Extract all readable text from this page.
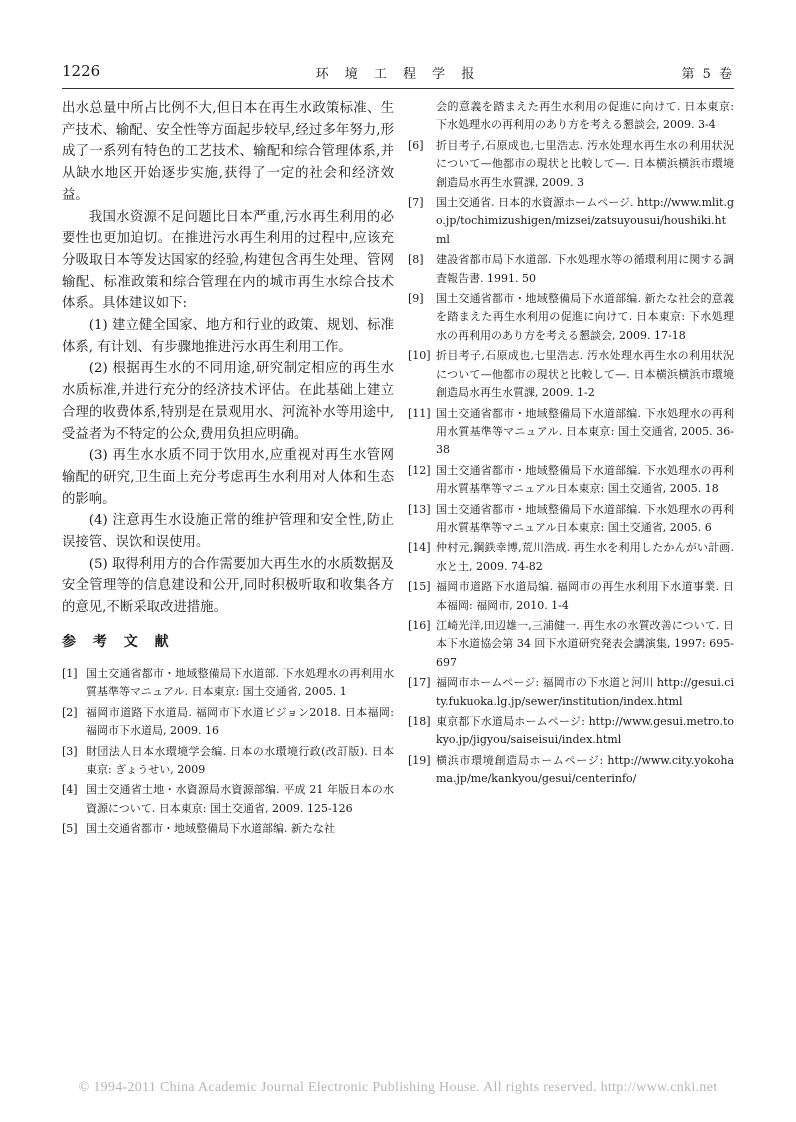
1226	环 境 工 程 学 报	第 5 卷

出水总量中所占比例不大,但日本在再生水政策标准、生产技术、输配、安全性等方面起步较早,经过多年努力,形成了一系列有特色的工艺技术、输配和综合管理体系,并从缺水地区开始逐步实施,获得了一定的社会和经济效益。

我国水资源不足问题比日本严重,污水再生利用的必要性也更加迫切。在推进污水再生利用的过程中,应该充分吸取日本等发达国家的经验,构建包含再生处理、管网输配、标准政策和综合管理在内的城市再生水综合技术体系。具体建议如下:

(1) 建立健全国家、地方和行业的政策、规划、标准体系, 有计划、有步骤地推进污水再生利用工作。

(2) 根据再生水的不同用途,研究制定相应的再生水水质标准,并进行充分的经济技术评估。在此基础上建立合理的收费体系,特别是在景观用水、河流补水等用途中,受益者为不特定的公众,费用负担应明确。

(3) 再生水水质不同于饮用水,应重视对再生水管网输配的研究,卫生面上充分考虑再生水利用对人体和生态的影响。

(4) 注意再生水设施正常的维护管理和安全性,防止误接管、误饮和误使用。

(5) 取得利用方的合作需要加大再生水的水质数据及安全管理等的信息建设和公开,同时积极听取和收集各方的意见,不断采取改进措施。

参 考 文 献
[1] 国土交通省都市・地域整備局下水道部. 下水処理水の再利用水質基準等マニュアル. 日本東京: 国土交通省, 2005. 1
[2] 福岡市道路下水道局. 福岡市下水道ビジョン2018. 日本福岡: 福岡市下水道局, 2009. 16
[3] 財団法人日本水環境学会编. 日本の水環境行政(改訂版). 日本東京: ぎょうせい, 2009
[4] 国土交通省土地・水資源局水資源部编. 平成 21 年版日本の水資源について. 日本東京: 国土交通省, 2009. 125-126
[5] 国土交通省都市・地域整備局下水道部编. 新たな社
会的意義を踏まえた再生水利用の促進に向けて. 日本東京: 下水処理水の再利用のあり方を考える懇談会, 2009. 3-4
[6]	折目考子,石原成也,七里浩志. 汚水处理水再生水の利用状況について—他都市の現状と比較して—. 日本横浜横浜市環境創造局水再生水質課, 2009. 3
[7]	国土交通省. 日本的水資源ホームページ. http://www.mlit.go.jp/tochimizushigen/mizsei/zatsuyousui/houshiki.html
[8]	建設省都市局下水道部. 下水処理水等の循環利用に関する調査報告書. 1991. 50
[9]	国土交通省都市・地域整備局下水道部编. 新たな社会的意義を踏まえた再生水利用の促進に向けて. 日本東京: 下水処理水の再利用のあり方を考える懇談会, 2009. 17-18
[10] 折目考子,石原成也,七里浩志. 汚水处理水再生水の利用状況について—他都市の現状と比較して—. 日本横浜横浜市環境創造局水再生水質課, 2009. 1-2
[11] 国土交通省都市・地域整備局下水道部编. 下水処理水の再利用水質基準等マニュアル. 日本東京: 国土交通省, 2005. 36-38
[12] 国土交通省都市・地域整備局下水道部编. 下水処理水の再利用水質基準等マニュアル日本東京: 国土交通省, 2005. 18
[13] 国土交通省都市・地域整備局下水道部编. 下水処理水の再利用水質基準等マニュアル日本東京: 国土交通省, 2005. 6
[14] 仲村元,鋼鉄幸博,荒川浩成. 再生水を利用したかんがい計画. 水と土, 2009. 74-82
[15] 福岡市道路下水道局编. 福岡市の再生水利用下水道事業. 日本福岡: 福岡市, 2010. 1-4
[16] 江崎光洋,田辺雄一,三浦健一. 再生水の水質改善について. 日本下水道協会第 34 回下水道研究発表会講演集, 1997: 695-697
[17] 福岡市ホームページ: 福岡市の下水道と河川 http://gesui.city.fukuoka.lg.jp/sewer/institution/index.html
[18] 東京都下水道局ホームページ: http://www.gesui.metro.tokyo.jp/jigyou/saiseisui/index.html
[19] 横浜市環境創造局ホームページ: http://www.city.yokohama.jp/me/kankyou/gesui/centerinfo/
© 1994-2011 China Academic Journal Electronic Publishing House. All rights reserved. http://www.cnki.net
